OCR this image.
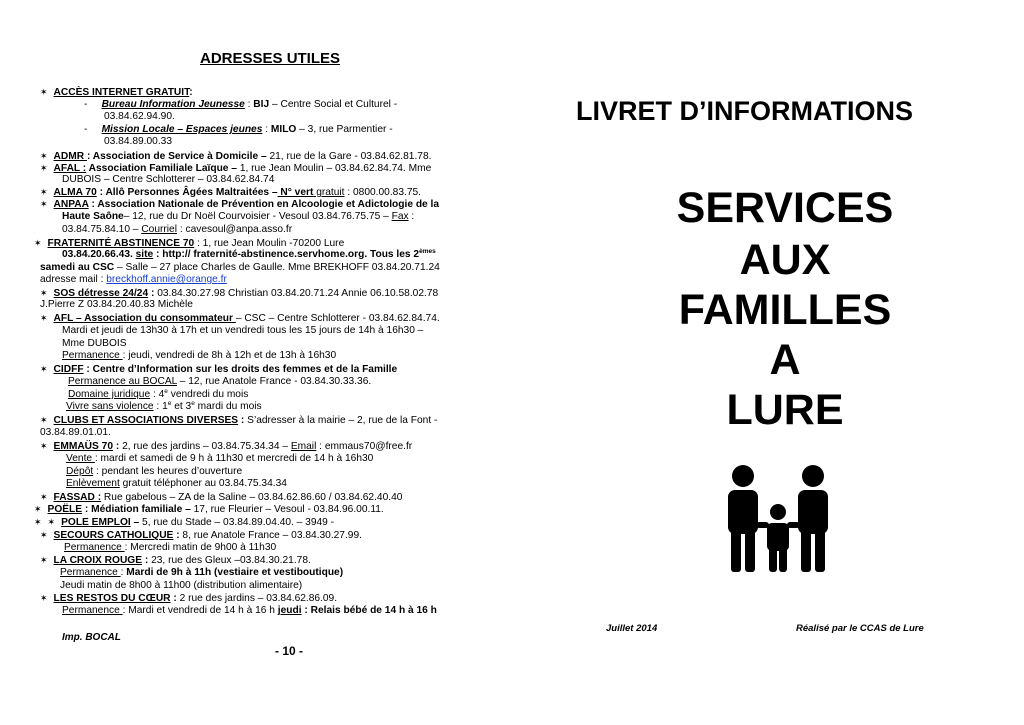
ADRESSES UTILES
✶ ACCÈS INTERNET GRATUIT:
- Bureau Information Jeunesse : BIJ – Centre Social et Culturel -
03.84.62.94.90.
- Mission Locale – Espaces jeunes : MILO – 3, rue Parmentier -
03.84.89.00.33
✶ ADMR : Association de Service à Domicile – 21, rue de la Gare - 03.84.62.81.78.
✶ AFAL : Association Familiale Laïque – 1, rue Jean Moulin – 03.84.62.84.74. Mme
DUBOIS – Centre Schlotterer – 03.84.62.84.74
✶ ALMA 70 : Allô Personnes Âgées Maltraitées – N° vert gratuit : 0800.00.83.75.
✶ ANPAA : Association Nationale de Prévention en Alcoologie et Adictologie de la
Haute Saône– 12, rue du Dr Noël Courvoisier - Vesoul 03.84.76.75.75 – Fax :
03.84.75.84.10 – Courriel : cavesoul@anpa.asso.fr
✶ FRATERNITÉ ABSTINENCE 70 : 1, rue Jean Moulin -70200 Lure
03.84.20.66.43. site : http:// fraternité-abstinence.servhome.org. Tous les 2èmes
samedi au CSC – Salle – 27 place Charles de Gaulle. Mme BREKHOFF 03.84.20.71.24
adresse mail : breckhoff.annie@orange.fr
✶ SOS détresse 24/24 : 03.84.30.27.98 Christian 03.84.20.71.24 Annie 06.10.58.02.78
J.Pierre Z 03.84.20.40.83 Michèle
✶ AFL – Association du consommateur – CSC – Centre Schlotterer - 03.84.62.84.74.
Mardi et jeudi de 13h30 à 17h et un vendredi tous les 15 jours de 14h à 16h30 –
Mme DUBOIS
Permanence : jeudi, vendredi de 8h à 12h et de 13h à 16h30
✶ CIDFF : Centre d’Information sur les droits des femmes et de la Famille
Permanence au BOCAL – 12, rue Anatole France - 03.84.30.33.36.
Domaine juridique : 4e vendredi du mois
Vivre sans violence : 1e et 3e mardi du mois
✶ CLUBS ET ASSOCIATIONS DIVERSES : S’adresser à la mairie – 2, rue de la Font -
03.84.89.01.01.
✶ EMMAÜS 70 : 2, rue des jardins – 03.84.75.34.34 – Email : emmaus70@free.fr
Vente : mardi et samedi de 9 h à 11h30 et mercredi de 14 h à 16h30
Dépôt : pendant les heures d’ouverture
Enlèvement gratuit téléphoner au 03.84.75.34.34
✶ FASSAD : Rue gabelous – ZA de la Saline – 03.84.62.86.60 / 03.84.62.40.40
✶ POËLE : Médiation familiale – 17, rue Fleurier – Vesoul - 03.84.96.00.11.
✶ ✶ POLE EMPLOI – 5, rue du Stade – 03.84.89.04.40. – 3949 -
✶ SECOURS CATHOLIQUE : 8, rue Anatole France – 03.84.30.27.99.
Permanence : Mercredi matin de 9h00 à 11h30
✶ LA CROIX ROUGE : 23, rue des Gleux –03.84.30.21.78.
Permanence : Mardi de 9h à 11h (vestiaire et vestiboutique)
Jeudi matin de 8h00 à 11h00 (distribution alimentaire)
✶ LES RESTOS DU CŒUR : 2 rue des jardins – 03.84.62.86.09.
Permanence : Mardi et vendredi de 14 h à 16 h jeudi : Relais bébé de 14 h à 16 h
Imp. BOCAL
- 10 -
LIVRET D’INFORMATIONS
SERVICES
AUX
FAMILLES
A
LURE
Juillet 2014	Réalisé par le CCAS de Lure
